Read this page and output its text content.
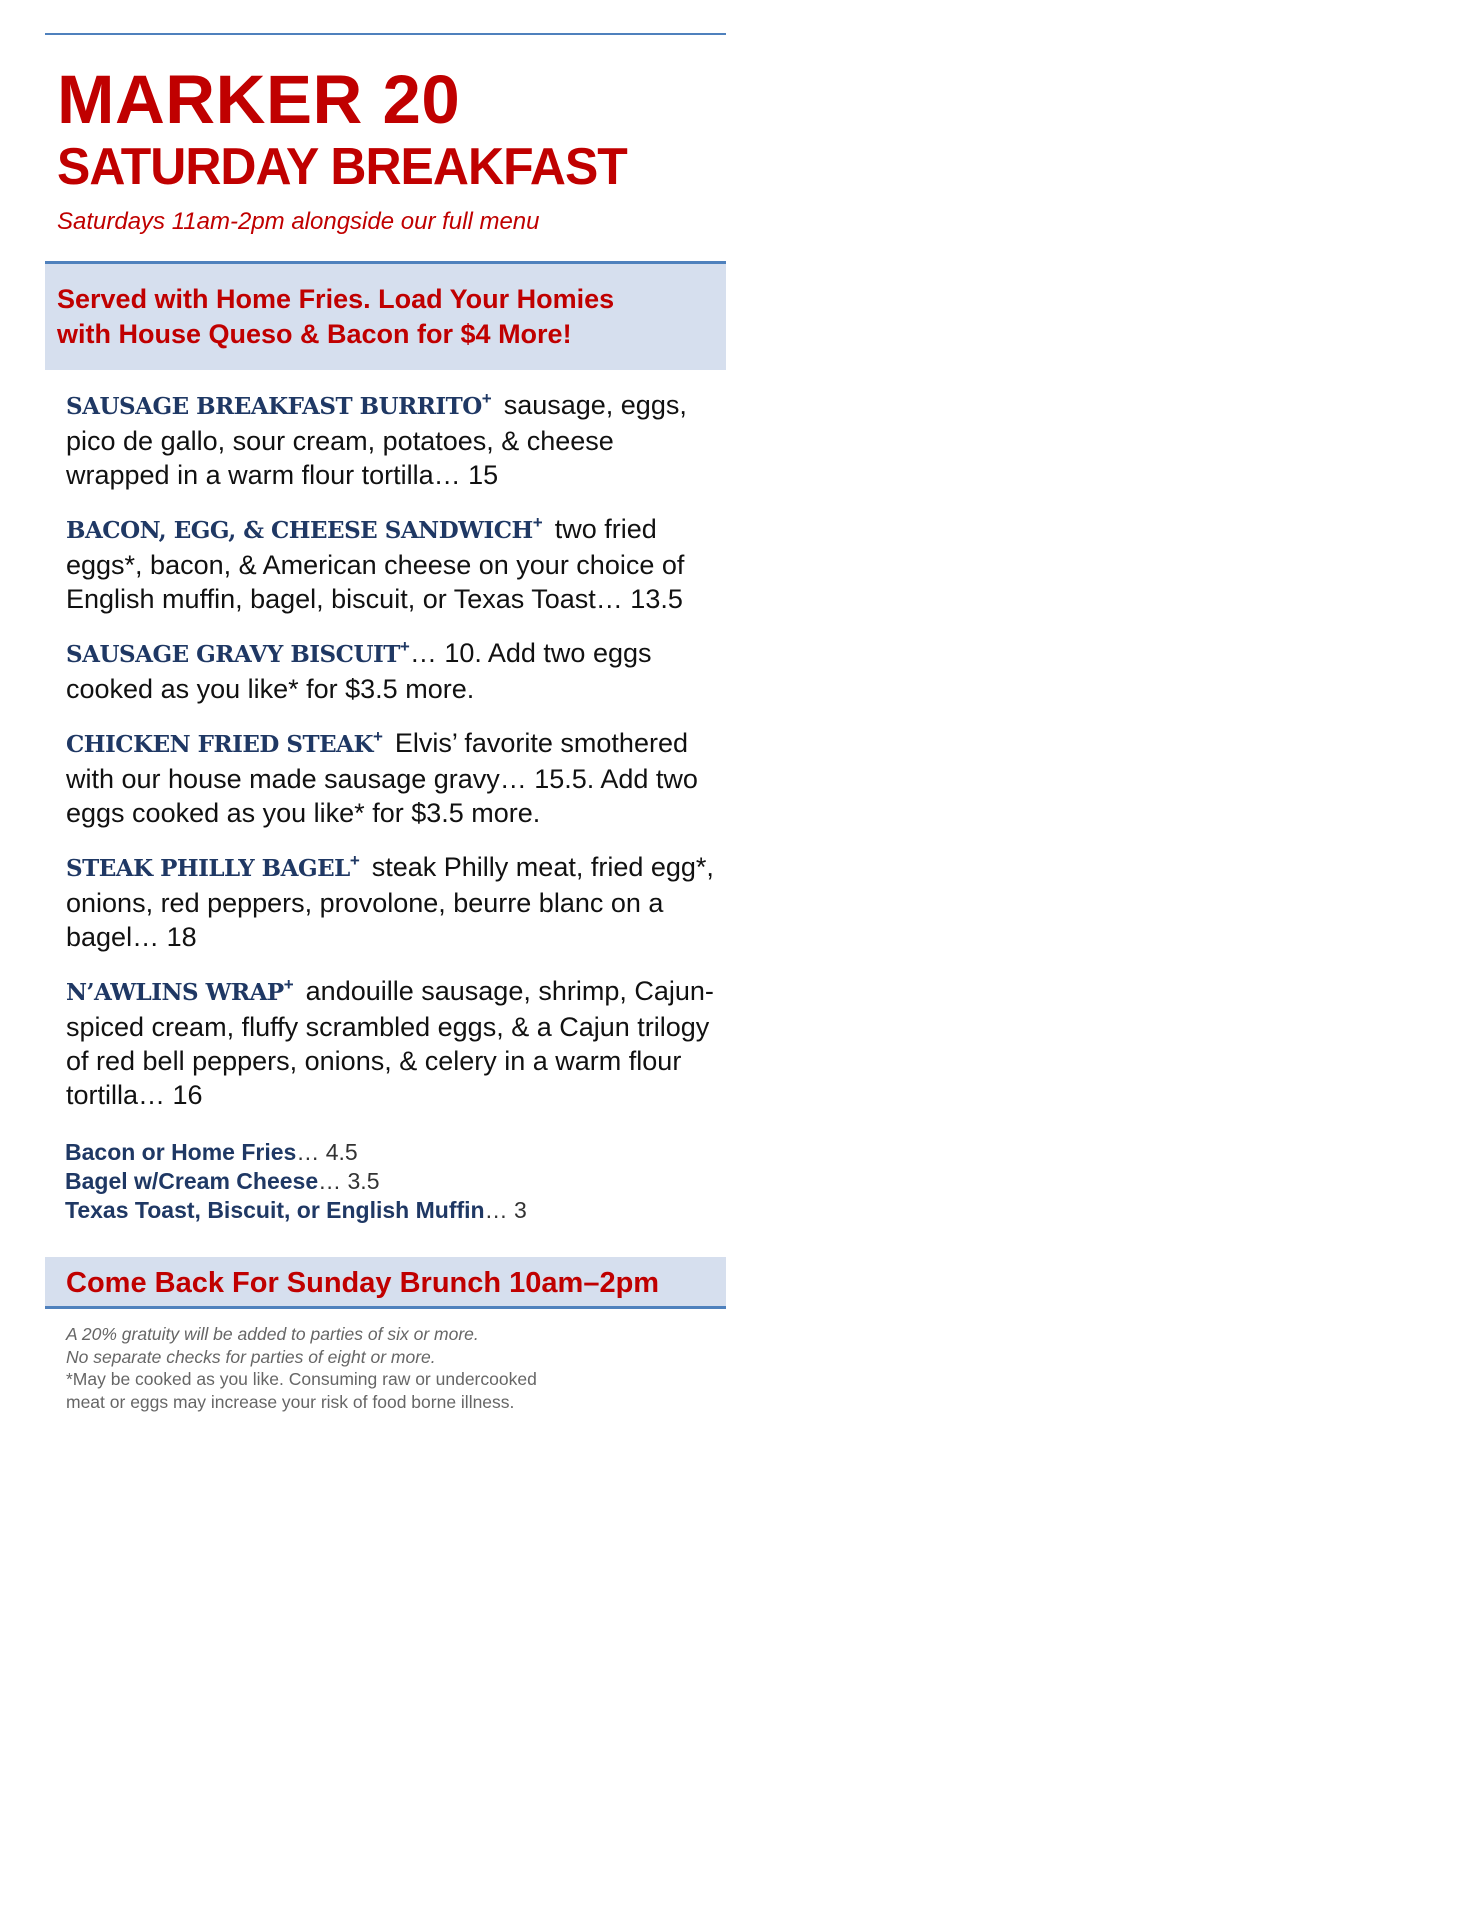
MARKER 20
SATURDAY BREAKFAST
Saturdays 11am-2pm alongside our full menu
Served with Home Fries. Load Your Homies
with House Queso & Bacon for $4 More!
SAUSAGE BREAKFAST BURRITO+ sausage, eggs, pico de gallo, sour cream, potatoes, & cheese wrapped in a warm flour tortilla… 15
BACON, EGG, & CHEESE SANDWICH+ two fried eggs*, bacon, & American cheese on your choice of English muffin, bagel, biscuit, or Texas Toast… 13.5
SAUSAGE GRAVY BISCUIT+… 10. Add two eggs cooked as you like* for $3.5 more.
CHICKEN FRIED STEAK+ Elvis’ favorite smothered with our house made sausage gravy… 15.5. Add two eggs cooked as you like* for $3.5 more.
STEAK PHILLY BAGEL+ steak Philly meat, fried egg*, onions, red peppers, provolone, beurre blanc on a bagel… 18
N’AWLINS WRAP+ andouille sausage, shrimp, Cajun-spiced cream, fluffy scrambled eggs, & a Cajun trilogy of red bell peppers, onions, & celery in a warm flour tortilla… 16
Bacon or Home Fries… 4.5
Bagel w/Cream Cheese… 3.5
Texas Toast, Biscuit, or English Muffin… 3
Come Back For Sunday Brunch 10am–2pm
A 20% gratuity will be added to parties of six or more.
No separate checks for parties of eight or more.
*May be cooked as you like. Consuming raw or undercooked
meat or eggs may increase your risk of food borne illness.
